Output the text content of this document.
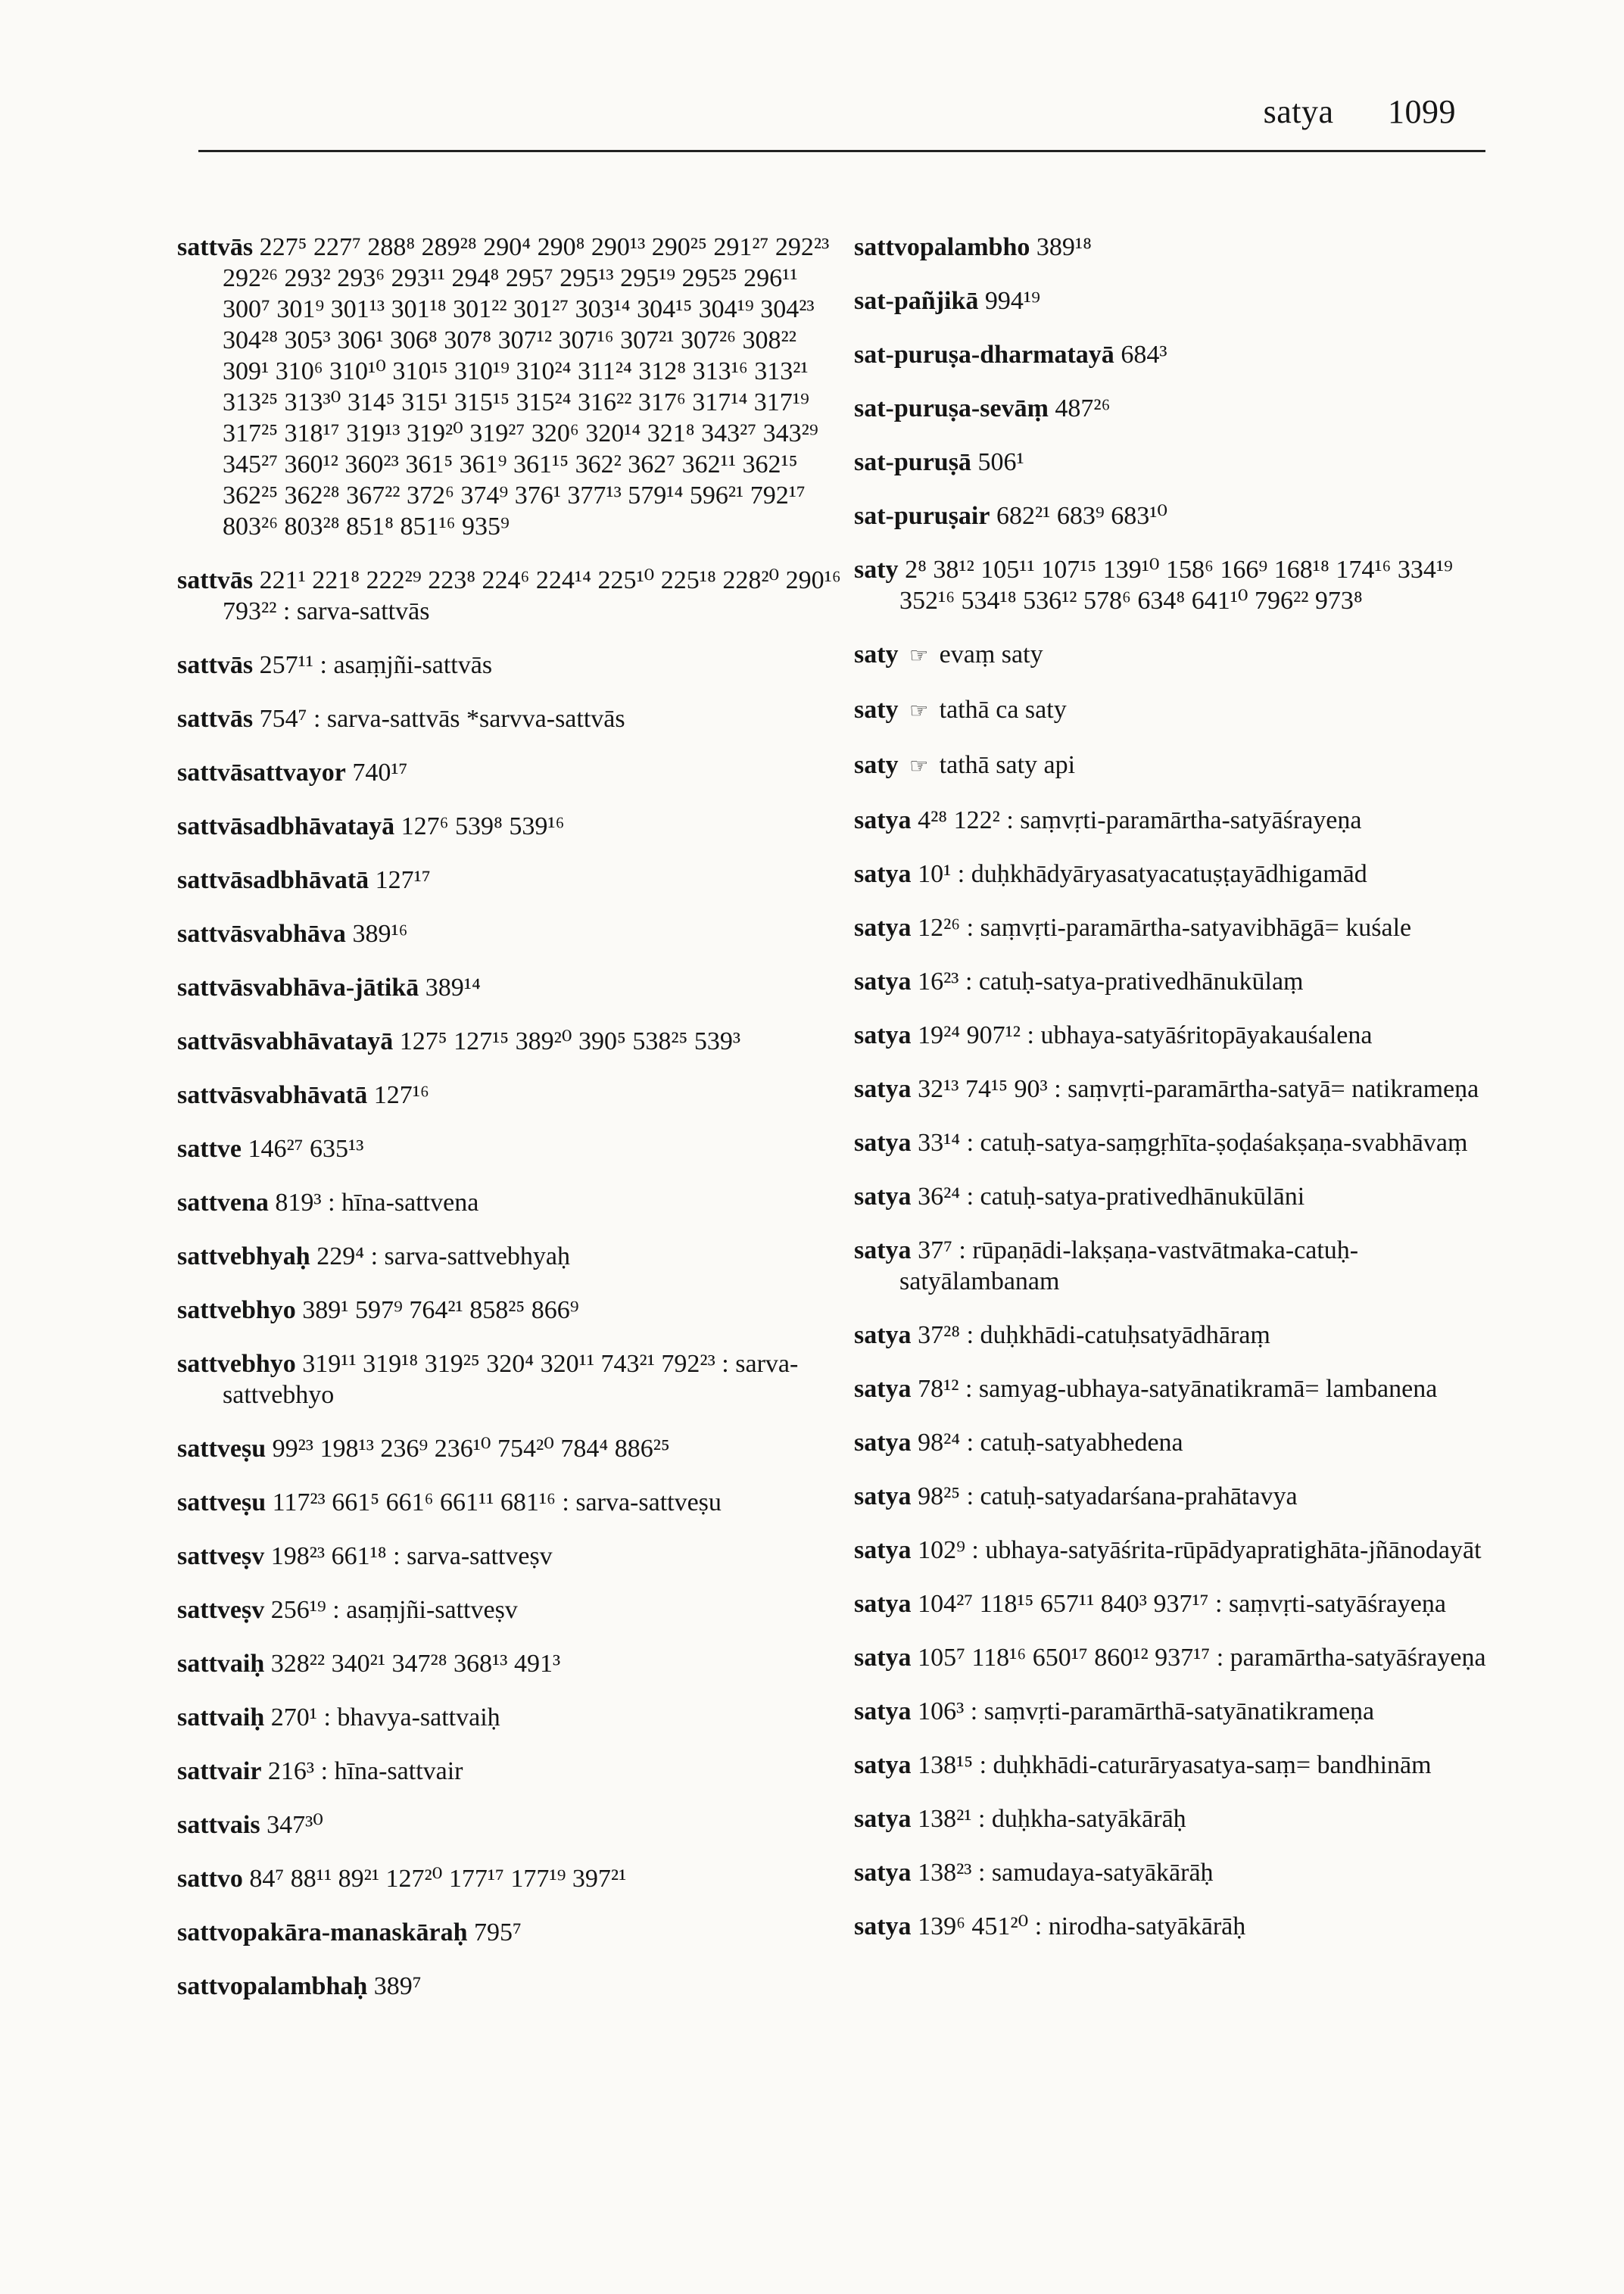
satya 1099
sattvās 227⁵ 227⁷ 288⁸ 289²⁸ 290⁴ 290⁸ 290¹³ 290²⁵ 291²⁷ 292²³ 292²⁶ 293² 293⁶ 293¹¹ 294⁸ 295⁷ 295¹³ 295¹⁹ 295²⁵ 296¹¹ 300⁷ 301⁹ 301¹³ 301¹⁸ 301²² 301²⁷ 303¹⁴ 304¹⁵ 304¹⁹ 304²³ 304²⁸ 305³ 306¹ 306⁸ 307⁸ 307¹² 307¹⁶ 307²¹ 307²⁶ 308²² 309¹ 310⁶ 310¹⁰ 310¹⁵ 310¹⁹ 310²⁴ 311²⁴ 312⁸ 313¹⁶ 313²¹ 313²⁵ 313³⁰ 314⁵ 315¹ 315¹⁵ 315²⁴ 316²² 317⁶ 317¹⁴ 317¹⁹ 317²⁵ 318¹⁷ 319¹³ 319²⁰ 319²⁷ 320⁶ 320¹⁴ 321⁸ 343²⁷ 343²⁹ 345²⁷ 360¹² 360²³ 361⁵ 361⁹ 361¹⁵ 362² 362⁷ 362¹¹ 362¹⁵ 362²⁵ 362²⁸ 367²² 372⁶ 374⁹ 376¹ 377¹³ 579¹⁴ 596²¹ 792¹⁷ 803²⁶ 803²⁸ 851⁸ 851¹⁶ 935⁹
sattvās 221¹ 221⁸ 222²⁹ 223⁸ 224⁶ 224¹⁴ 225¹⁰ 225¹⁸ 228²⁰ 290¹⁶ 793²² : sarva-sattvās
sattvās 257¹¹ : asaṃjñi-sattvās
sattvās 754⁷ : sarva-sattvās *sarvva-sattvās
sattvāsattvayor 740¹⁷
sattvāsadbhāvatayā 127⁶ 539⁸ 539¹⁶
sattvāsadbhāvatā 127¹⁷
sattvāsvabhāva 389¹⁶
sattvāsvabhāva-jātikā 389¹⁴
sattvāsvabhāvatayā 127⁵ 127¹⁵ 389²⁰ 390⁵ 538²⁵ 539³
sattvāsvabhāvatā 127¹⁶
sattve 146²⁷ 635¹³
sattvena 819³ : hīna-sattvena
sattvebhyaḥ 229⁴ : sarva-sattvebhyaḥ
sattvebhyo 389¹ 597⁹ 764²¹ 858²⁵ 866⁹
sattvebhyo 319¹¹ 319¹⁸ 319²⁵ 320⁴ 320¹¹ 743²¹ 792²³ : sarva-sattvebhyo
sattveṣu 99²³ 198¹³ 236⁹ 236¹⁰ 754²⁰ 784⁴ 886²⁵
sattveṣu 117²³ 661⁵ 661⁶ 661¹¹ 681¹⁶ : sarva-sattveṣu
sattveṣv 198²³ 661¹⁸ : sarva-sattveṣv
sattveṣv 256¹⁹ : asaṃjñi-sattveṣv
sattvaiḥ 328²² 340²¹ 347²⁸ 368¹³ 491³
sattvaiḥ 270¹ : bhavya-sattvaiḥ
sattvair 216³ : hīna-sattvair
sattvais 347³⁰
sattvo 84⁷ 88¹¹ 89²¹ 127²⁰ 177¹⁷ 177¹⁹ 397²¹
sattvopakāra-manaskāraḥ 795⁷
sattvopalambhaḥ 389⁷
sattvopalambho 389¹⁸
sat-pañjikā 994¹⁹
sat-puruṣa-dharmatayā 684³
sat-puruṣa-sevāṃ 487²⁶
sat-puruṣā 506¹
sat-puruṣair 682²¹ 683⁹ 683¹⁰
saty 2⁸ 38¹² 105¹¹ 107¹⁵ 139¹⁰ 158⁶ 166⁹ 168¹⁸ 174¹⁶ 334¹⁹ 352¹⁶ 534¹⁸ 536¹² 578⁶ 634⁸ 641¹⁰ 796²² 973⁸
saty ☞ evaṃ saty
saty ☞ tathā ca saty
saty ☞ tathā saty api
satya 4²⁸ 122² : saṃvṛti-paramārtha-satyāśrayeṇa
satya 10¹ : duḥkhādyāryasatyacatuṣṭayādhigamād
satya 12²⁶ : saṃvṛti-paramārtha-satyavibhāgā= kuśale
satya 16²³ : catuḥ-satya-prativedhānukūlaṃ
satya 19²⁴ 907¹² : ubhaya-satyāśritopāyakauśalena
satya 32¹³ 74¹⁵ 90³ : saṃvṛti-paramārtha-satyā= natikrameṇa
satya 33¹⁴ : catuḥ-satya-saṃgṛhīta-ṣoḍaśakṣaṇa-svabhāvaṃ
satya 36²⁴ : catuḥ-satya-prativedhānukūlāni
satya 37⁷ : rūpaṇādi-lakṣaṇa-vastvātmaka-catuḥ-satyālambanam
satya 37²⁸ : duḥkhādi-catuḥsatyādhāraṃ
satya 78¹² : samyag-ubhaya-satyānatikramā= lambanena
satya 98²⁴ : catuḥ-satyabhedena
satya 98²⁵ : catuḥ-satyadarśana-prahātavya
satya 102⁹ : ubhaya-satyāśrita-rūpādyapratighāta-jñānodayāt
satya 104²⁷ 118¹⁵ 657¹¹ 840³ 937¹⁷ : saṃvṛti-satyāśrayeṇa
satya 105⁷ 118¹⁶ 650¹⁷ 860¹² 937¹⁷ : paramārtha-satyāśrayeṇa
satya 106³ : saṃvṛti-paramārthā-satyānatikrameṇa
satya 138¹⁵ : duḥkhādi-caturāryasatya-saṃ= bandhinām
satya 138²¹ : duḥkha-satyākārāḥ
satya 138²³ : samudaya-satyākārāḥ
satya 139⁶ 451²⁰ : nirodha-satyākārāḥ
